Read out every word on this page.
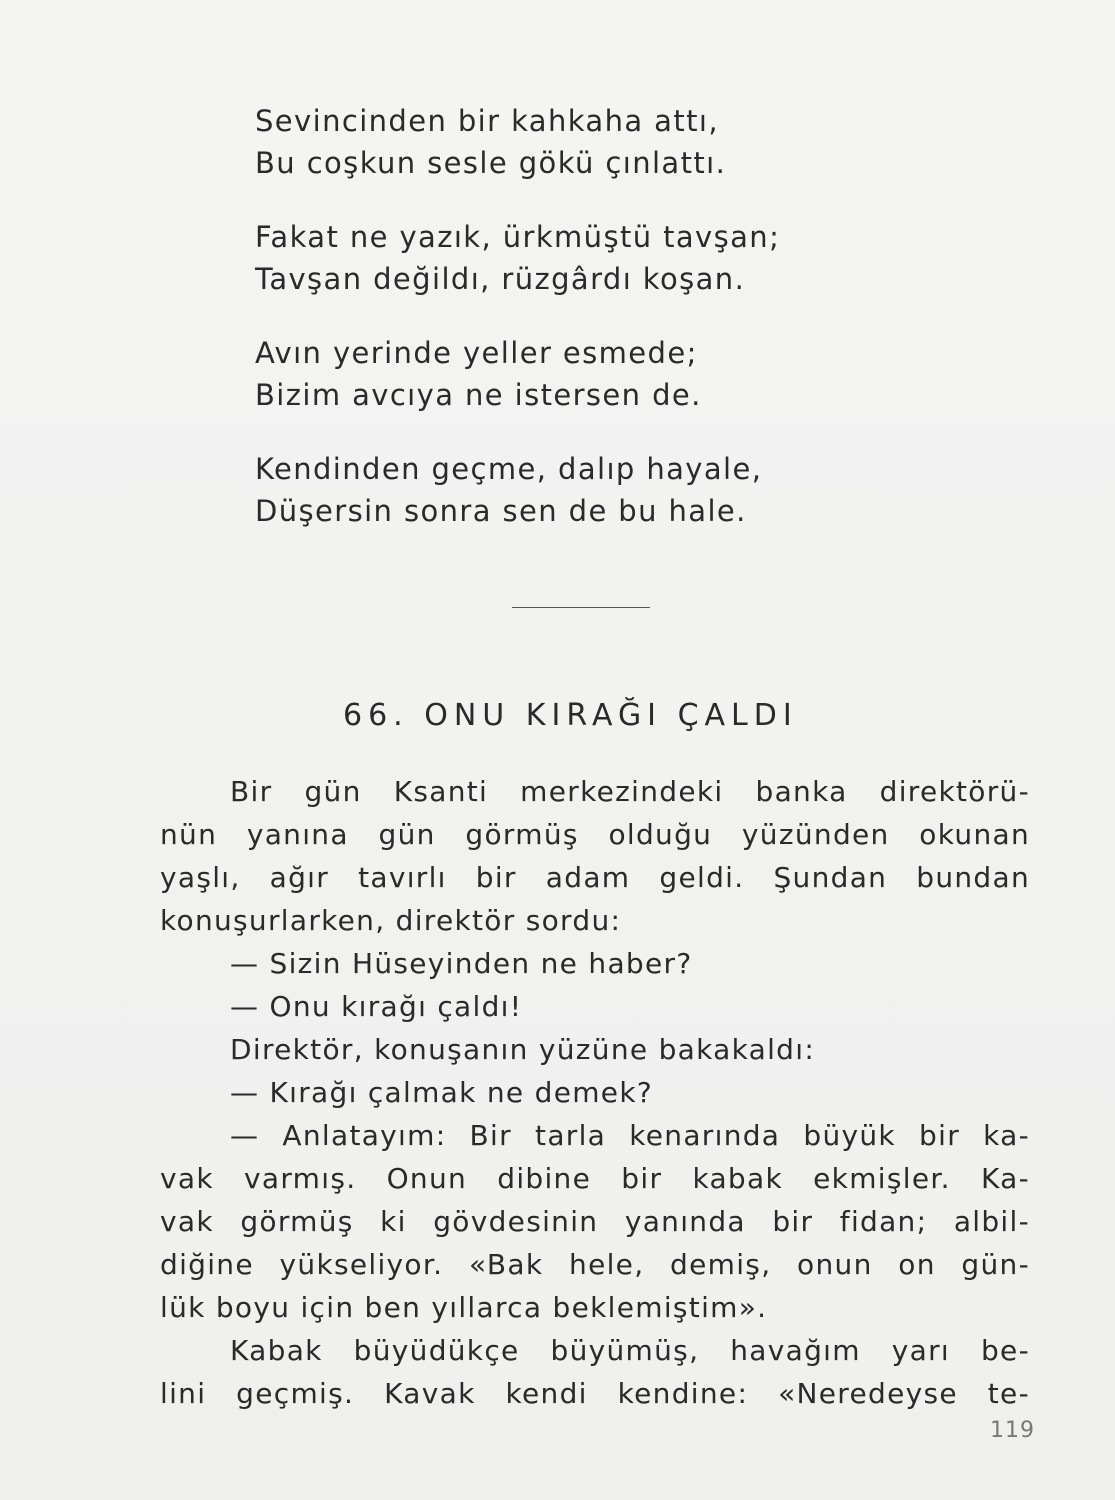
Sevincinden bir kahkaha attı,
Bu coşkun sesle gökü çınlattı.
Fakat ne yazık, ürkmüştü tavşan;
Tavşan değildı, rüzgârdı koşan.
Avın yerinde yeller esmede;
Bizim avcıya ne istersen de.
Kendinden geçme, dalıp hayale,
Düşersin sonra sen de bu hale.
66. ONU KIRAĞI ÇALDI
Bir gün Ksanti merkezindeki banka direktörü-
nün yanına gün görmüş olduğu yüzünden okunan
yaşlı, ağır tavırlı bir adam geldi. Şundan bundan
konuşurlarken, direktör sordu:
— Sizin Hüseyinden ne haber?
— Onu kırağı çaldı!
Direktör, konuşanın yüzüne bakakaldı:
— Kırağı çalmak ne demek?
— Anlatayım: Bir tarla kenarında büyük bir ka-
vak varmış. Onun dibine bir kabak ekmişler. Ka-
vak görmüş ki gövdesinin yanında bir fidan; albil-
diğine yükseliyor. «Bak hele, demiş, onun on gün-
lük boyu için ben yıllarca beklemiştim».
Kabak büyüdükçe büyümüş, havağım yarı be-
lini geçmiş. Kavak kendi kendine: «Neredeyse te-
119
